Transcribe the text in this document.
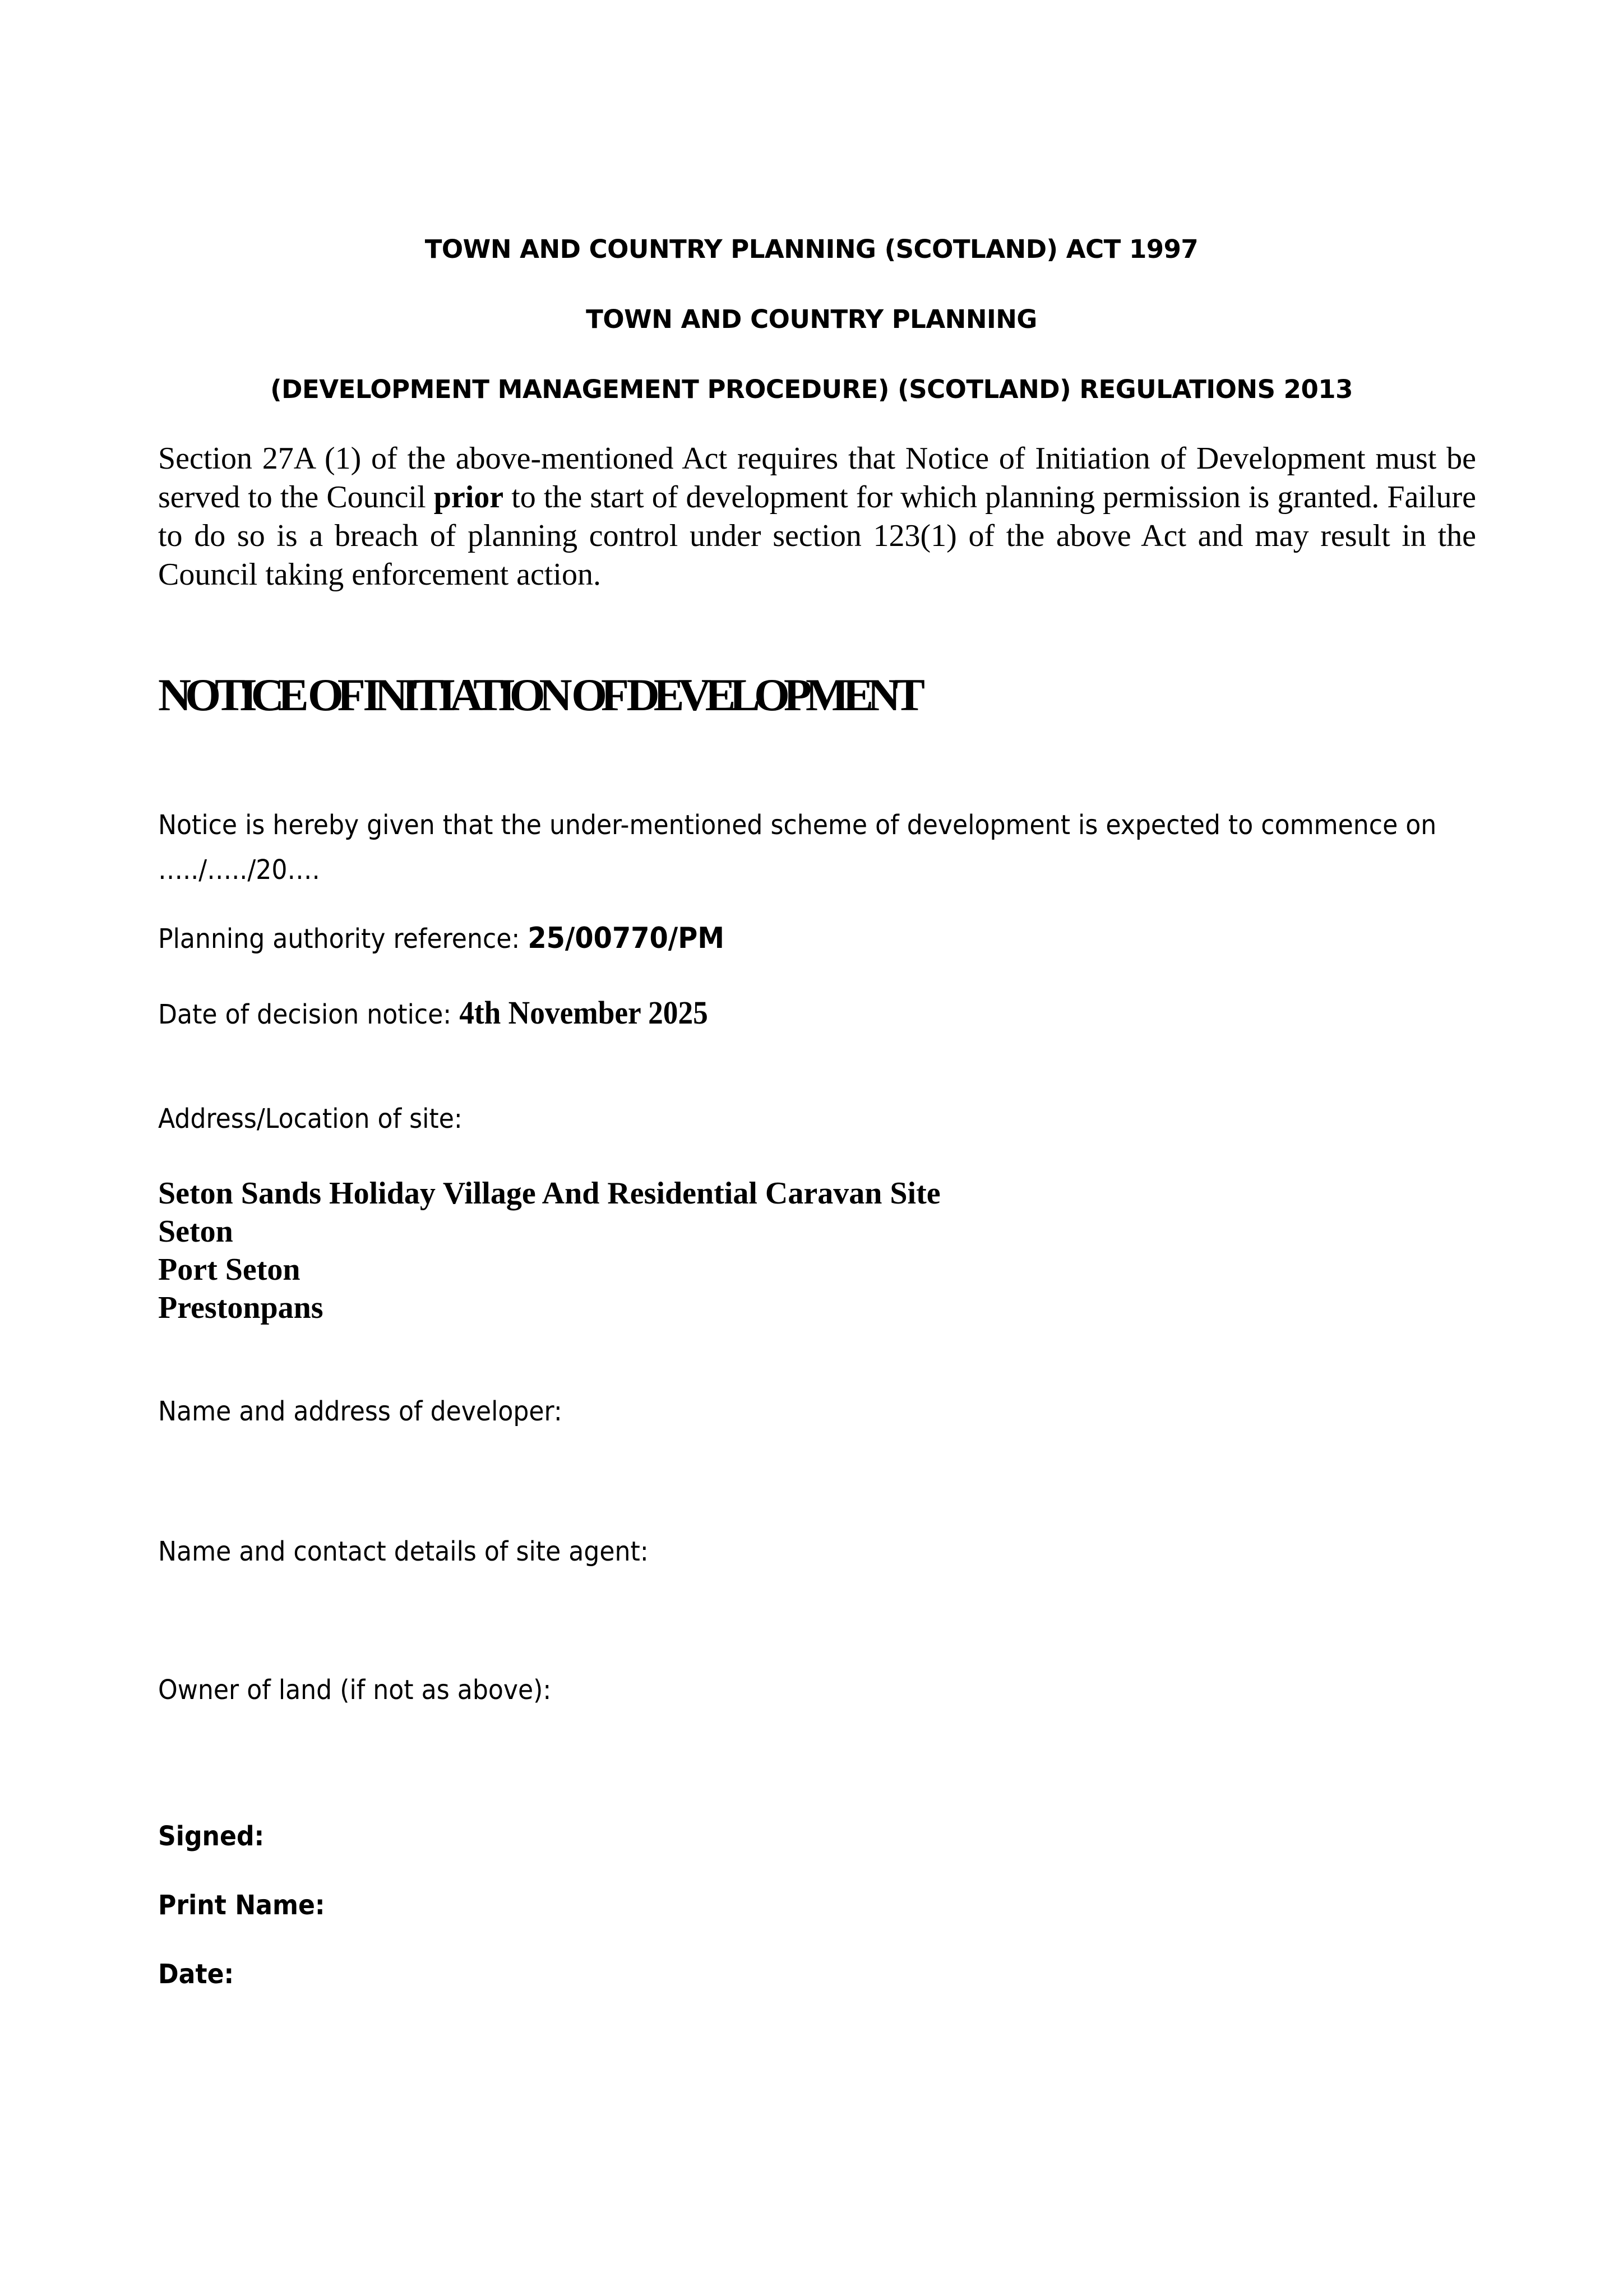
TOWN AND COUNTRY PLANNING (SCOTLAND) ACT 1997
TOWN AND COUNTRY PLANNING
(DEVELOPMENT MANAGEMENT PROCEDURE) (SCOTLAND) REGULATIONS 2013
Section 27A (1) of the above-mentioned Act requires that Notice of Initiation of Development must be served to the Council prior to the start of development for which planning permission is granted. Failure to do so is a breach of planning control under section 123(1) of the above Act and may result in the Council taking enforcement action.
NOTICE OF INITIATION OF DEVELOPMENT
Notice is hereby given that the under-mentioned scheme of development is expected to commence on …../…../20….
Planning authority reference: 25/00770/PM
Date of decision notice: 4th November 2025
Address/Location of site:
Seton Sands Holiday Village And Residential Caravan Site
Seton
Port Seton
Prestonpans
Name and address of developer:
Name and contact details of site agent:
Owner of land (if not as above):
Signed:
Print Name:
Date:
